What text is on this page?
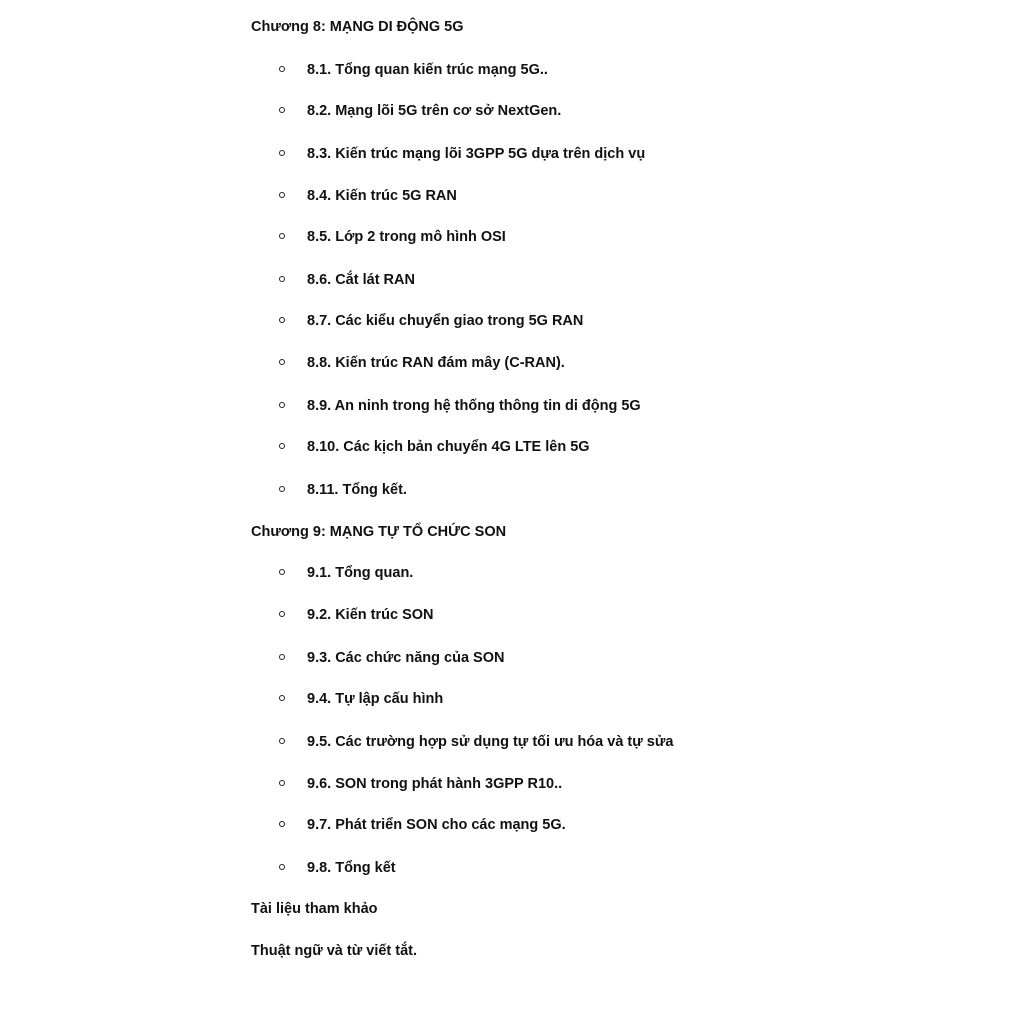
Chương 8: MẠNG DI ĐỘNG 5G
8.1. Tổng quan kiến trúc mạng 5G..
8.2. Mạng lõi 5G trên cơ sở NextGen.
8.3. Kiến trúc mạng lõi 3GPP 5G dựa trên dịch vụ
8.4. Kiến trúc 5G RAN
8.5. Lớp 2 trong mô hình OSI
8.6. Cắt lát RAN
8.7. Các kiểu chuyển giao trong 5G RAN
8.8. Kiến trúc RAN đám mây (C-RAN).
8.9. An ninh trong hệ thống thông tin di động 5G
8.10. Các kịch bản chuyển 4G LTE lên 5G
8.11. Tổng kết.
Chương 9: MẠNG TỰ TỔ CHỨC SON
9.1. Tổng quan.
9.2. Kiến trúc SON
9.3. Các chức năng của SON
9.4. Tự lập cấu hình
9.5. Các trường hợp sử dụng tự tối ưu hóa và tự sửa
9.6. SON trong phát hành 3GPP R10..
9.7. Phát triển SON cho các mạng 5G.
9.8. Tổng kết
Tài liệu tham khảo
Thuật ngữ và từ viết tắt.
